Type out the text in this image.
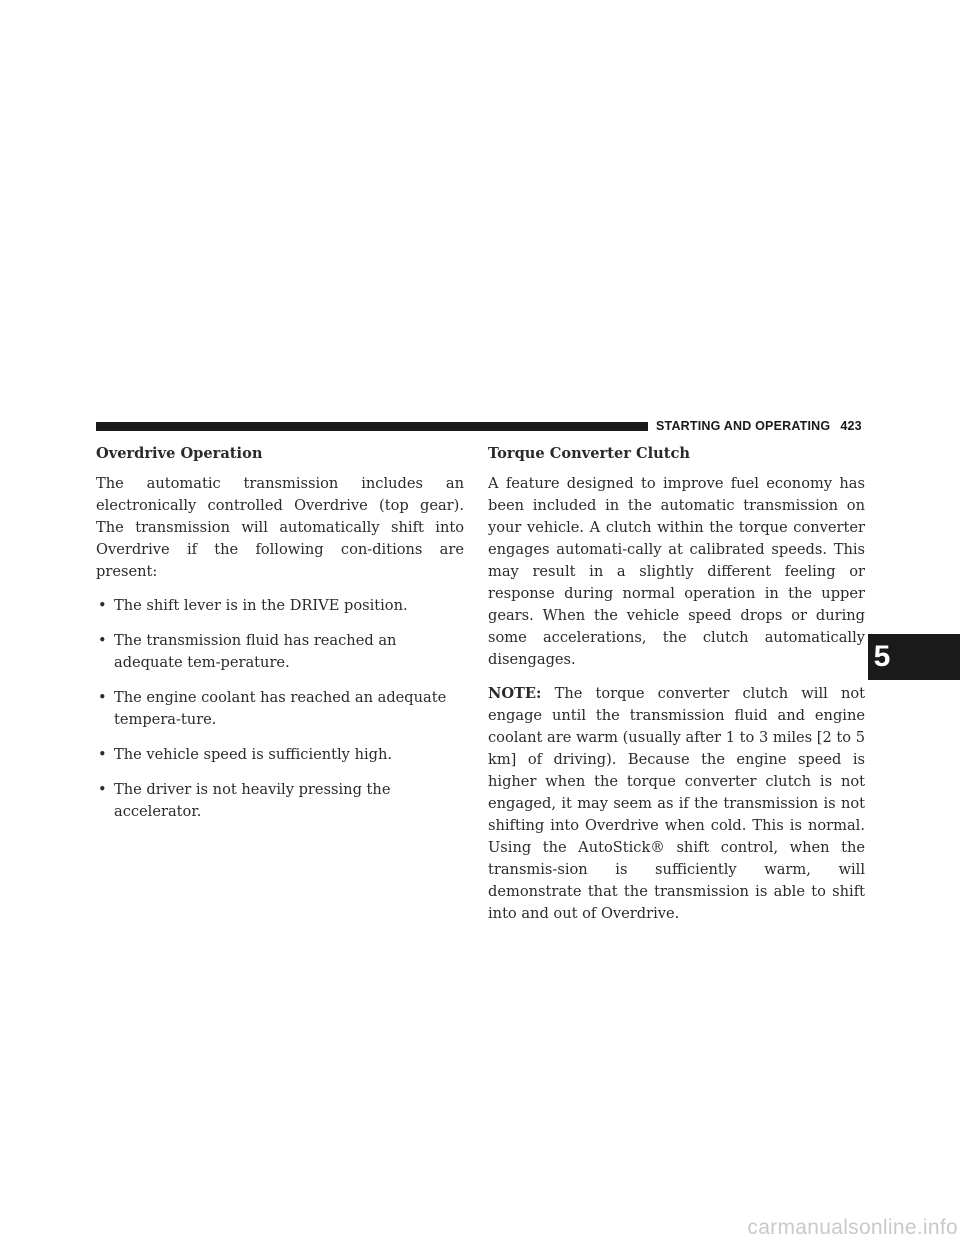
STARTING AND OPERATING 423
Overdrive Operation

The automatic transmission includes an electronically controlled Overdrive (top gear). The transmission will automatically shift into Overdrive if the following con-ditions are present:

• The shift lever is in the DRIVE position.
• The transmission fluid has reached an adequate tem-perature.
• The engine coolant has reached an adequate tempera-ture.
• The vehicle speed is sufficiently high.
• The driver is not heavily pressing the accelerator.
Torque Converter Clutch

A feature designed to improve fuel economy has been included in the automatic transmission on your vehicle. A clutch within the torque converter engages automati-cally at calibrated speeds. This may result in a slightly different feeling or response during normal operation in the upper gears. When the vehicle speed drops or during some accelerations, the clutch automatically disengages.

NOTE: The torque converter clutch will not engage until the transmission fluid and engine coolant are warm (usually after 1 to 3 miles [2 to 5 km] of driving). Because the engine speed is higher when the torque converter clutch is not engaged, it may seem as if the transmission is not shifting into Overdrive when cold. This is normal. Using the AutoStick® shift control, when the transmis-sion is sufficiently warm, will demonstrate that the transmission is able to shift into and out of Overdrive.

5
carmanualsonline.info
